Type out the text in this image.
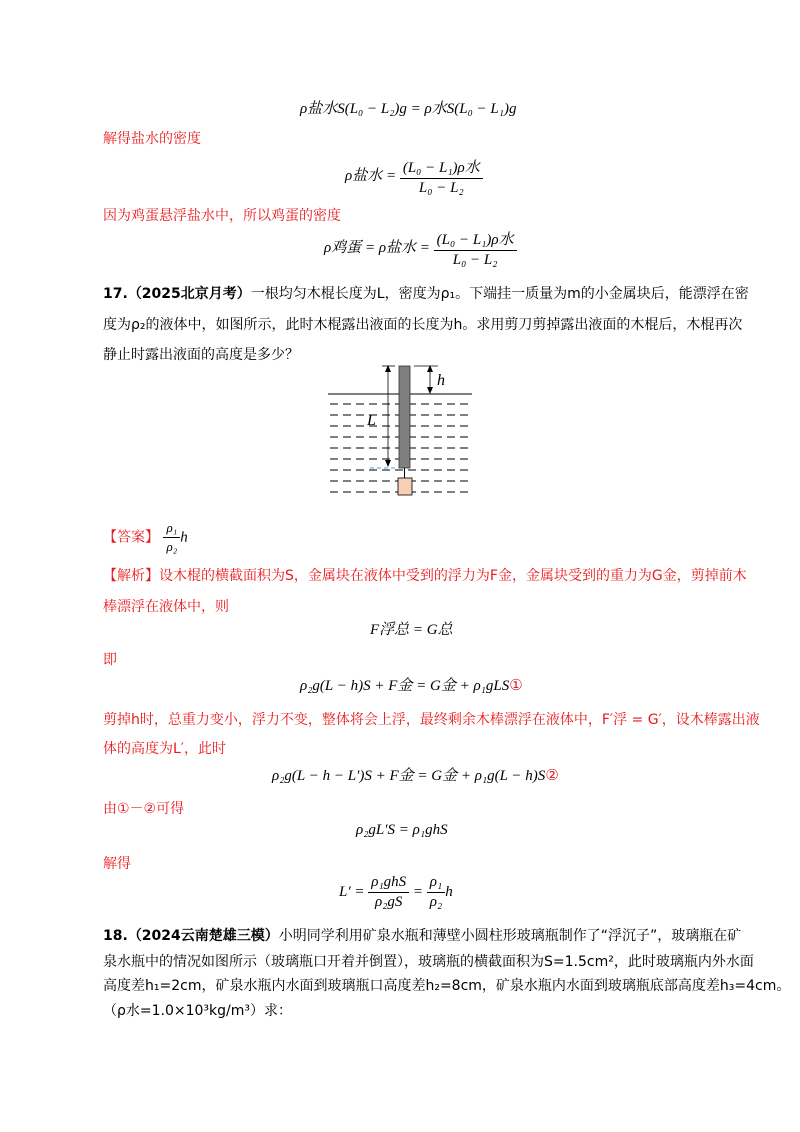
ρ盐水S(L₀ − L₂)g = ρ水S(L₀ − L₁)g
解得盐水的密度
ρ盐水 = $\frac{\text{(L₀ − L₁)ρ水}}{\text{L₀ − L₂}}$
因为鸡蛋悬浮盐水中，所以鸡蛋的密度
ρ鸡蛋 = ρ盐水 = $\frac{\text{(L₀ − L₁)ρ水}}{\text{L₀ − L₂}}$
17.（2025北京月考）一根均匀木棍长度为L，密度为ρ₁。下端挂一质量为m的小金属块后，能漂浮在密
度为ρ₂的液体中，如图所示，此时木棍露出液面的长度为h。求用剪刀剪掉露出液面的木棍后，木棍再次
静止时露出液面的高度是多少？
h
L
【答案】 $\frac{\text{ρ₁}}{\text{ρ₂}}$ h
【解析】设木棍的横截面积为S，金属块在液体中受到的浮力为F金，金属块受到的重力为G金，剪掉前木
棒漂浮在液体中，则
F浮总 = G总
即
ρ₂g(L − h)S + F金 = G金 + ρ₁gLS①
剪掉h时，总重力变小，浮力不变，整体将会上浮，最终剩余木棒漂浮在液体中，F′浮 = G′，设木棒露出液
体的高度为L′，此时
ρ₂g(L − h − L′)S + F金 = G金 + ρ₁g(L − h)S②
由①－②可得
ρ₂gL′S = ρ₁ghS
解得
$L' = \frac{\text{ρ₁ghS}}{\text{ρ₂gS}} = \frac{\text{ρ₁}}{\text{ρ₂}}$ h
18.（2024云南楚雄三模）小明同学利用矿泉水瓶和薄壁小圆柱形玻璃瓶制作了“浮沉子”，玻璃瓶在矿
泉水瓶中的情况如图所示（玻璃瓶口开着并倒置），玻璃瓶的横截面积为S=1.5cm²，此时玻璃瓶内外水面
高度差h₁=2cm，矿泉水瓶内水面到玻璃瓶口高度差h₂=8cm，矿泉水瓶内水面到玻璃瓶底部高度差h₃=4cm。
（ρ水=1.0×10³kg/m³）求：
